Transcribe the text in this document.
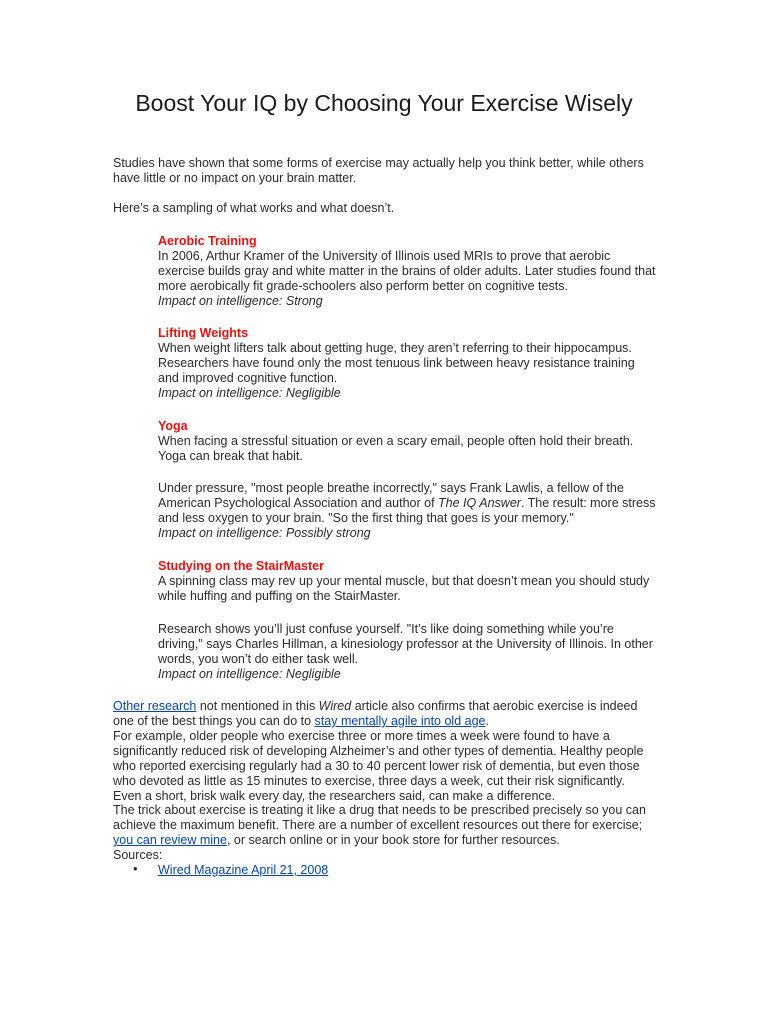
Boost Your IQ by Choosing Your Exercise Wisely

Studies have shown that some forms of exercise may actually help you think better, while others have little or no impact on your brain matter.

Here’s a sampling of what works and what doesn’t.

Aerobic Training

In 2006, Arthur Kramer of the University of Illinois used MRIs to prove that aerobic exercise builds gray and white matter in the brains of older adults. Later studies found that more aerobically fit grade-schoolers also perform better on cognitive tests.

Impact on intelligence: Strong

Lifting Weights

When weight lifters talk about getting huge, they aren’t referring to their hippocampus. Researchers have found only the most tenuous link between heavy resistance training and improved cognitive function.

Impact on intelligence: Negligible

Yoga

When facing a stressful situation or even a scary email, people often hold their breath. Yoga can break that habit.

Under pressure, "most people breathe incorrectly," says Frank Lawlis, a fellow of the American Psychological Association and author of The IQ Answer. The result: more stress and less oxygen to your brain. "So the first thing that goes is your memory."

Impact on intelligence: Possibly strong

Studying on the StairMaster

A spinning class may rev up your mental muscle, but that doesn’t mean you should study while huffing and puffing on the StairMaster.

Research shows you’ll just confuse yourself. "It’s like doing something while you’re driving," says Charles Hillman, a kinesiology professor at the University of Illinois. In other words, you won’t do either task well.

Impact on intelligence: Negligible

Other research not mentioned in this Wired article also confirms that aerobic exercise is indeed one of the best things you can do to stay mentally agile into old age.

For example, older people who exercise three or more times a week were found to have a significantly reduced risk of developing Alzheimer’s and other types of dementia. Healthy people who reported exercising regularly had a 30 to 40 percent lower risk of dementia, but even those who devoted as little as 15 minutes to exercise, three days a week, cut their risk significantly. Even a short, brisk walk every day, the researchers said, can make a difference.

The trick about exercise is treating it like a drug that needs to be prescribed precisely so you can achieve the maximum benefit. There are a number of excellent resources out there for exercise; you can review mine, or search online or in your book store for further resources.

Sources:

• Wired Magazine April 21, 2008
